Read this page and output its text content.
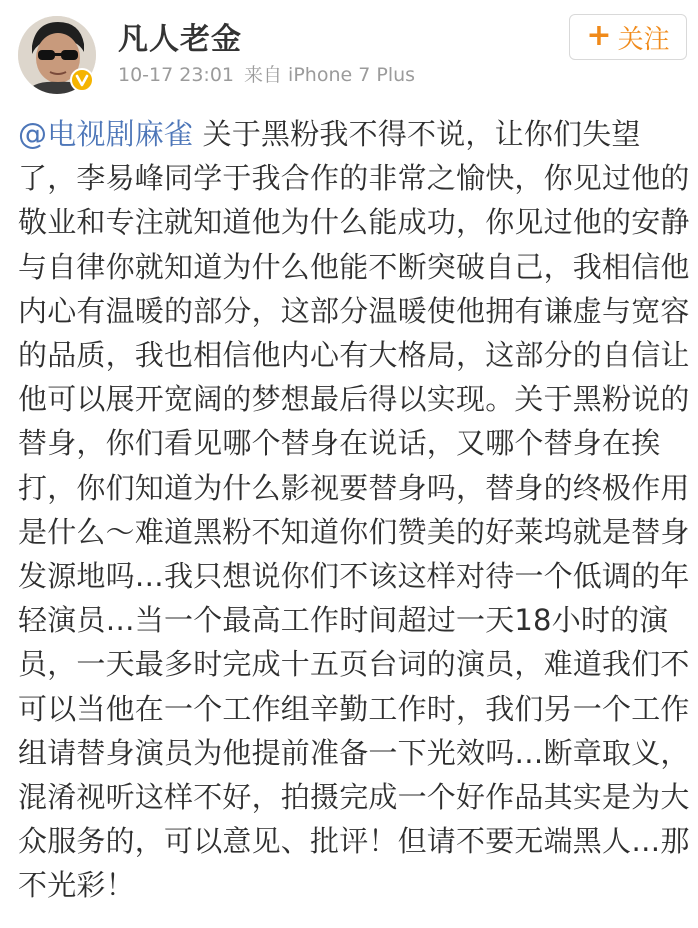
凡人老金
10-17 23:01 来自 iPhone 7 Plus
+ 关注
@电视剧麻雀 关于黑粉我不得不说，让你们失望了，李易峰同学于我合作的非常之愉快，你见过他的敬业和专注就知道他为什么能成功，你见过他的安静与自律你就知道为什么他能不断突破自己，我相信他内心有温暖的部分，这部分温暖使他拥有谦虚与宽容的品质，我也相信他内心有大格局，这部分的自信让他可以展开宽阔的梦想最后得以实现。关于黑粉说的替身，你们看见哪个替身在说话，又哪个替身在挨打，你们知道为什么影视要替身吗，替身的终极作用是什么～难道黑粉不知道你们赞美的好莱坞就是替身发源地吗…我只想说你们不该这样对待一个低调的年轻演员…当一个最高工作时间超过一天18小时的演员，一天最多时完成十五页台词的演员，难道我们不可以当他在一个工作组辛勤工作时，我们另一个工作组请替身演员为他提前准备一下光效吗…断章取义，混淆视听这样不好，拍摄完成一个好作品其实是为大众服务的，可以意见、批评！但请不要无端黑人…那不光彩！
